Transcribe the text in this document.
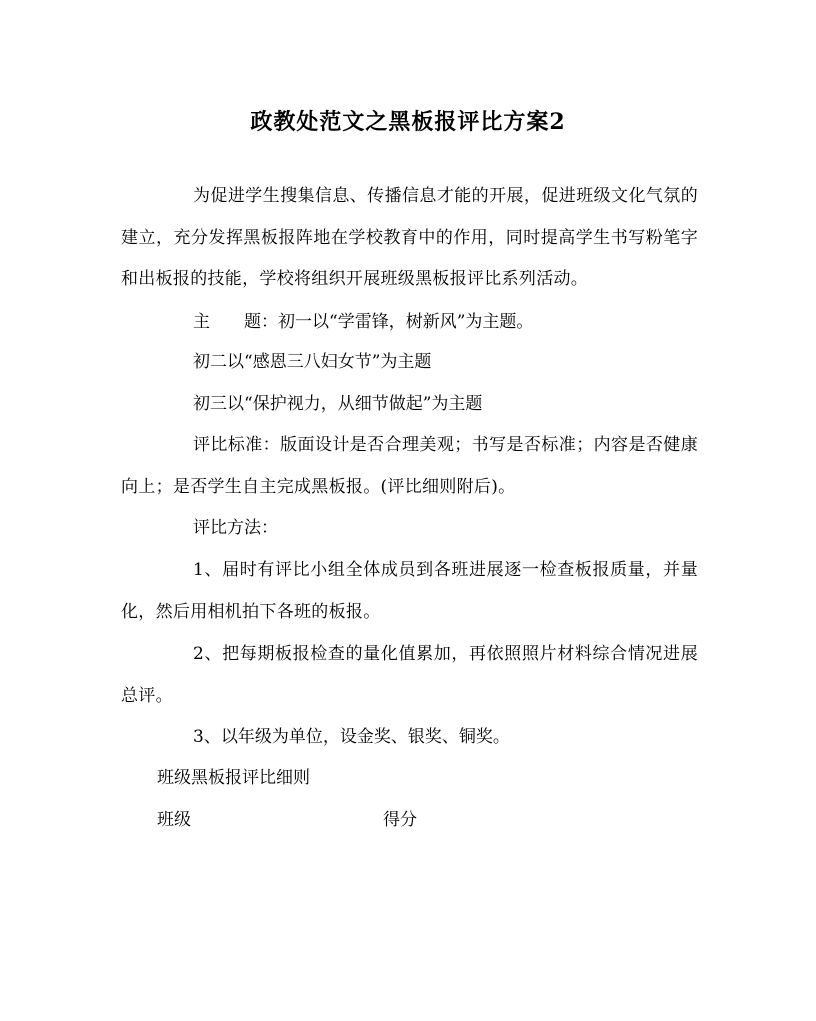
政教处范文之黑板报评比方案2
为促进学生搜集信息、传播信息才能的开展，促进班级文化气氛的建立，充分发挥黑板报阵地在学校教育中的作用，同时提高学生书写粉笔字和出板报的技能，学校将组织开展班级黑板报评比系列活动。
主　　题：初一以“学雷锋，树新风”为主题。
初二以“感恩三八妇女节”为主题
初三以“保护视力，从细节做起”为主题
评比标准：版面设计是否合理美观；书写是否标准；内容是否健康向上；是否学生自主完成黑板报。(评比细则附后)。
评比方法：
1、届时有评比小组全体成员到各班进展逐一检查板报质量，并量化，然后用相机拍下各班的板报。
2、把每期板报检查的量化值累加，再依照照片材料综合情况进展总评。
3、以年级为单位，设金奖、银奖、铜奖。
班级黑板报评比细则
班级	得分
